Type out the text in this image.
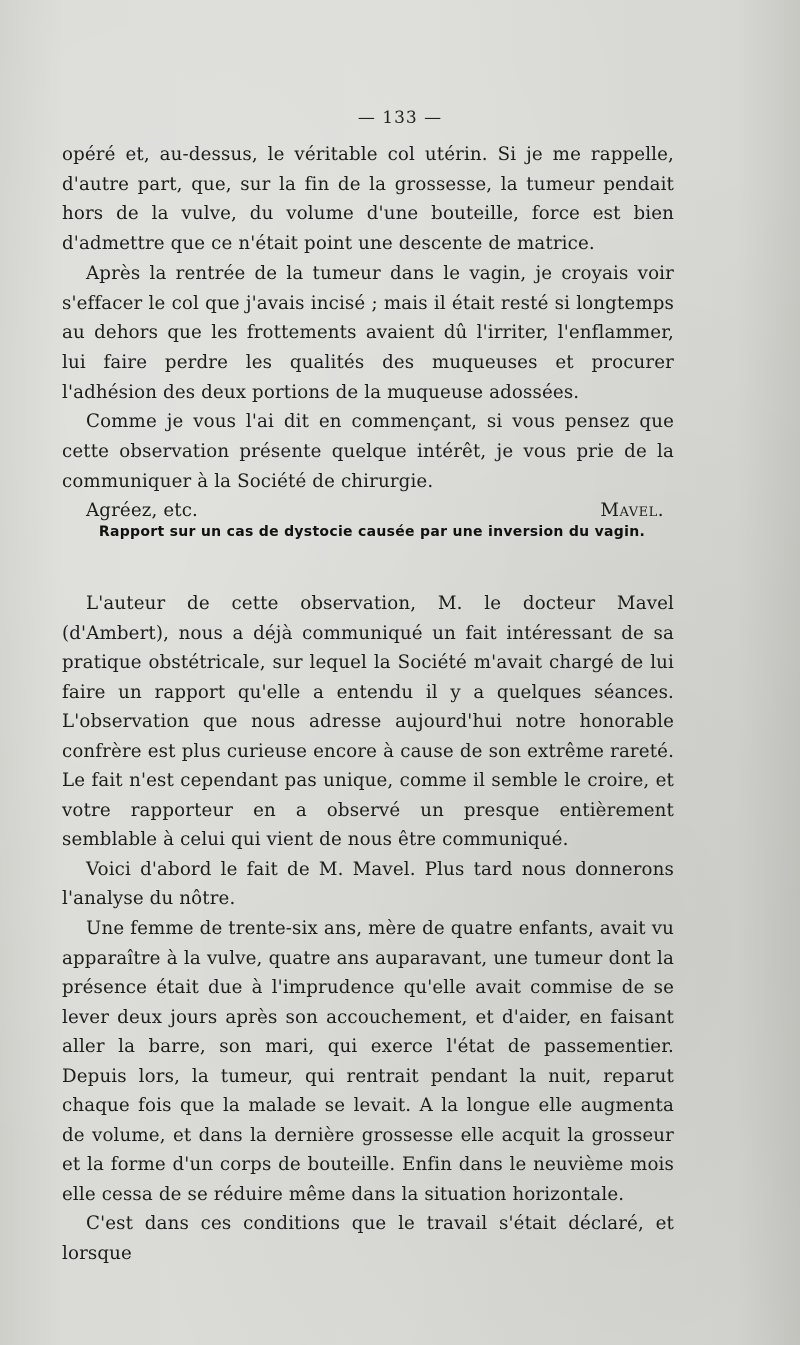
— 133 —

opéré et, au-dessus, le véritable col utérin. Si je me rappelle, d'autre part, que, sur la fin de la grossesse, la tumeur pendait hors de la vulve, du volume d'une bouteille, force est bien d'admettre que ce n'était point une descente de matrice.

Après la rentrée de la tumeur dans le vagin, je croyais voir s'effacer le col que j'avais incisé ; mais il était resté si longtemps au dehors que les frottements avaient dû l'irriter, l'enflammer, lui faire perdre les qualités des muqueuses et procurer l'adhésion des deux portions de la muqueuse adossées.

Comme je vous l'ai dit en commençant, si vous pensez que cette observation présente quelque intérêt, je vous prie de la communiquer à la Société de chirurgie.

Agréez, etc.	Mavel.
Rapport sur un cas de dystocie causée par une inversion du vagin.

L'auteur de cette observation, M. le docteur Mavel (d'Ambert), nous a déjà communiqué un fait intéressant de sa pratique obstétricale, sur lequel la Société m'avait chargé de lui faire un rapport qu'elle a entendu il y a quelques séances. L'observation que nous adresse aujourd'hui notre honorable confrère est plus curieuse encore à cause de son extrême rareté. Le fait n'est cependant pas unique, comme il semble le croire, et votre rapporteur en a observé un presque entièrement semblable à celui qui vient de nous être communiqué.

Voici d'abord le fait de M. Mavel. Plus tard nous donnerons l'analyse du nôtre.

Une femme de trente-six ans, mère de quatre enfants, avait vu apparaître à la vulve, quatre ans auparavant, une tumeur dont la présence était due à l'imprudence qu'elle avait commise de se lever deux jours après son accouchement, et d'aider, en faisant aller la barre, son mari, qui exerce l'état de passementier. Depuis lors, la tumeur, qui rentrait pendant la nuit, reparut chaque fois que la malade se levait. A la longue elle augmenta de volume, et dans la dernière grossesse elle acquit la grosseur et la forme d'un corps de bouteille. Enfin dans le neuvième mois elle cessa de se réduire même dans la situation horizontale.

C'est dans ces conditions que le travail s'était déclaré, et lorsque
